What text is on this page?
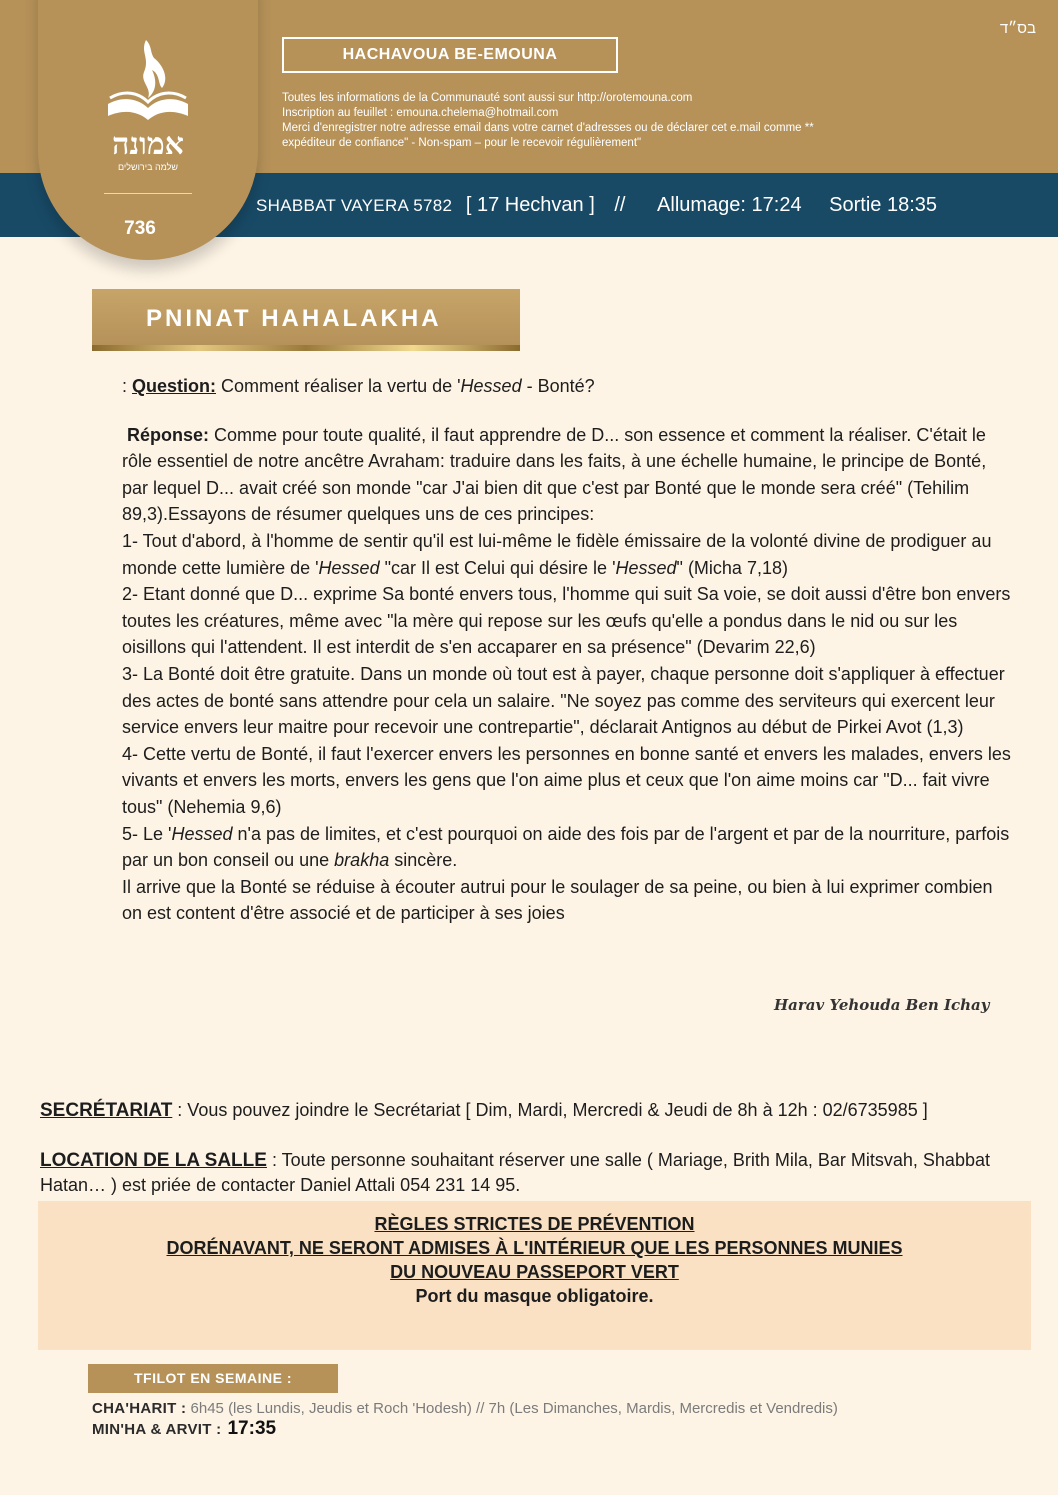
בס״ד
אמונה
שלמה בירושלים
736
HACHAVOUA BE-EMOUNA
Toutes les informations de la Communauté sont aussi sur http://orotemouna.com
Inscription au feuillet : emouna.chelema@hotmail.com
Merci d'enregistrer notre adresse email dans votre carnet d'adresses ou de déclarer cet e.mail comme **
expéditeur de confiance" - Non-spam – pour le recevoir régulièrement"
SHABBAT VAYERA 5782 [ 17 Hechvan ] // Allumage: 17:24 Sortie 18:35
PNINAT HAHALAKHA

: Question: Comment réaliser la vertu de 'Hessed - Bonté?

Réponse: Comme pour toute qualité, il faut apprendre de D... son essence et comment la réaliser. C'était le rôle essentiel de notre ancêtre Avraham: traduire dans les faits, à une échelle humaine, le principe de Bonté, par lequel D... avait créé son monde "car J'ai bien dit que c'est par Bonté que le monde sera créé" (Tehilim 89,3).Essayons de résumer quelques uns de ces principes:

1- Tout d'abord, à l'homme de sentir qu'il est lui-même le fidèle émissaire de la volonté divine de prodiguer au monde cette lumière de 'Hessed "car Il est Celui qui désire le 'Hessed" (Micha 7,18)

2- Etant donné que D... exprime Sa bonté envers tous, l'homme qui suit Sa voie, se doit aussi d'être bon envers toutes les créatures, même avec "la mère qui repose sur les œufs qu'elle a pondus dans le nid ou sur les oisillons qui l'attendent. Il est interdit de s'en accaparer en sa présence" (Devarim 22,6)

3- La Bonté doit être gratuite. Dans un monde où tout est à payer, chaque personne doit s'appliquer à effectuer des actes de bonté sans attendre pour cela un salaire. "Ne soyez pas comme des serviteurs qui exercent leur service envers leur maitre pour recevoir une contrepartie", déclarait Antignos au début de Pirkei Avot (1,3)

4- Cette vertu de Bonté, il faut l'exercer envers les personnes en bonne santé et envers les malades, envers les vivants et envers les morts, envers les gens que l'on aime plus et ceux que l'on aime moins car "D... fait vivre tous" (Nehemia 9,6)

5- Le 'Hessed n'a pas de limites, et c'est pourquoi on aide des fois par de l'argent et par de la nourriture, parfois par un bon conseil ou une brakha sincère.

Il arrive que la Bonté se réduise à écouter autrui pour le soulager de sa peine, ou bien à lui exprimer combien on est content d'être associé et de participer à ses joies

Harav Yehouda Ben Ichay
SECRÉTARIAT : Vous pouvez joindre le Secrétariat [ Dim, Mardi, Mercredi & Jeudi de 8h à 12h : 02/6735985 ]
LOCATION DE LA SALLE : Toute personne souhaitant réserver une salle ( Mariage, Brith Mila, Bar Mitsvah, Shabbat Hatan… ) est priée de contacter Daniel Attali 054 231 14 95.
RÈGLES STRICTES DE PRÉVENTION
DORÉNAVANT, NE SERONT ADMISES À L'INTÉRIEUR QUE LES PERSONNES MUNIES
DU NOUVEAU PASSEPORT VERT
Port du masque obligatoire.
TFILOT EN SEMAINE :
CHA'HARIT : 6h45 (les Lundis, Jeudis et Roch 'Hodesh) // 7h (Les Dimanches, Mardis, Mercredis et Vendredis)
MIN'HA & ARVIT : 17:35
